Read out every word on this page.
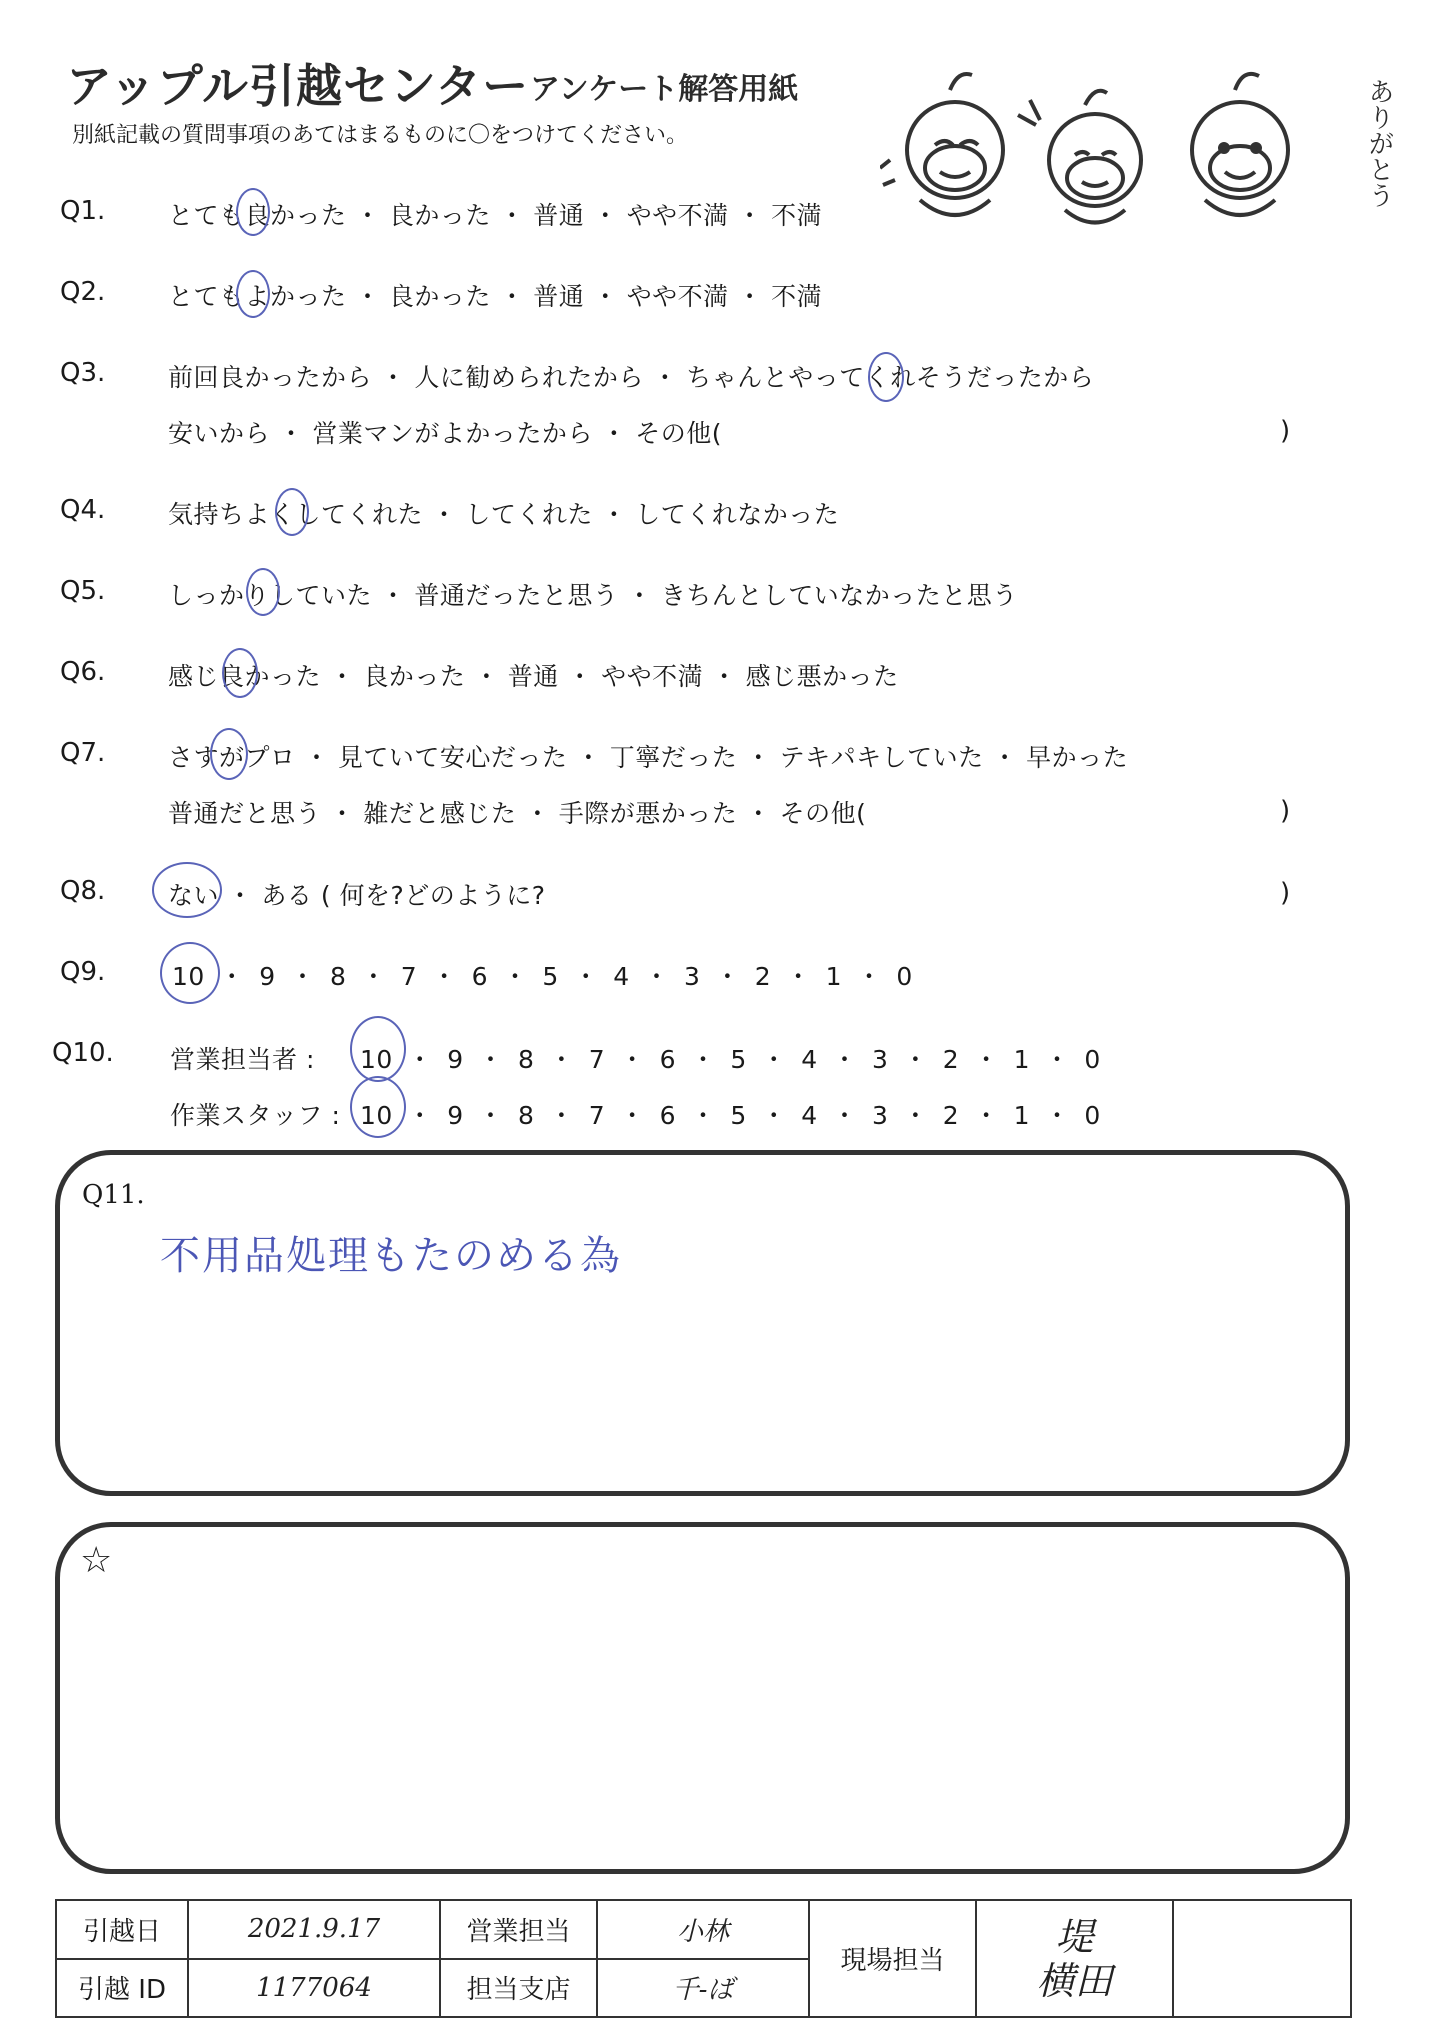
アップル引越センター アンケート解答用紙
別紙記載の質問事項のあてはまるものに〇をつけてください。	ありがとう
Q1.	とても良かった ・ 良かった ・ 普通 ・ やや不満 ・ 不満
Q2.	とてもよかった ・ 良かった ・ 普通 ・ やや不満 ・ 不満
Q3.	前回良かったから ・ 人に勧められたから ・ ちゃんとやってくれそうだったから
安いから ・ 営業マンがよかったから ・ その他(	)
Q4.	気持ちよくしてくれた ・ してくれた ・ してくれなかった
Q5.	しっかりしていた ・ 普通だったと思う ・ きちんとしていなかったと思う
Q6.	感じ良かった ・ 良かった ・ 普通 ・ やや不満 ・ 感じ悪かった
Q7.	さすがプロ ・ 見ていて安心だった ・ 丁寧だった ・ テキパキしていた ・ 早かった
普通だと思う ・ 雑だと感じた ・ 手際が悪かった ・ その他(	)
Q8.	ない ・ ある ( 何を?どのように?	)
Q9.	10 ・ 9 ・ 8 ・ 7 ・ 6 ・ 5 ・ 4 ・ 3 ・ 2 ・ 1 ・ 0
Q10. 営業担当者 : 10 ・ 9 ・ 8 ・ 7 ・ 6 ・ 5 ・ 4 ・ 3 ・ 2 ・ 1 ・ 0
作業スタッフ : 10 ・ 9 ・ 8 ・ 7 ・ 6 ・ 5 ・ 4 ・ 3 ・ 2 ・ 1 ・ 0
Q11.
不用品処理もたのめる為
☆
引越日	2021.9.17	営業担当	小林	現場担当	堤
横田	

引越 ID	1177064	担当支店	千-ば			
